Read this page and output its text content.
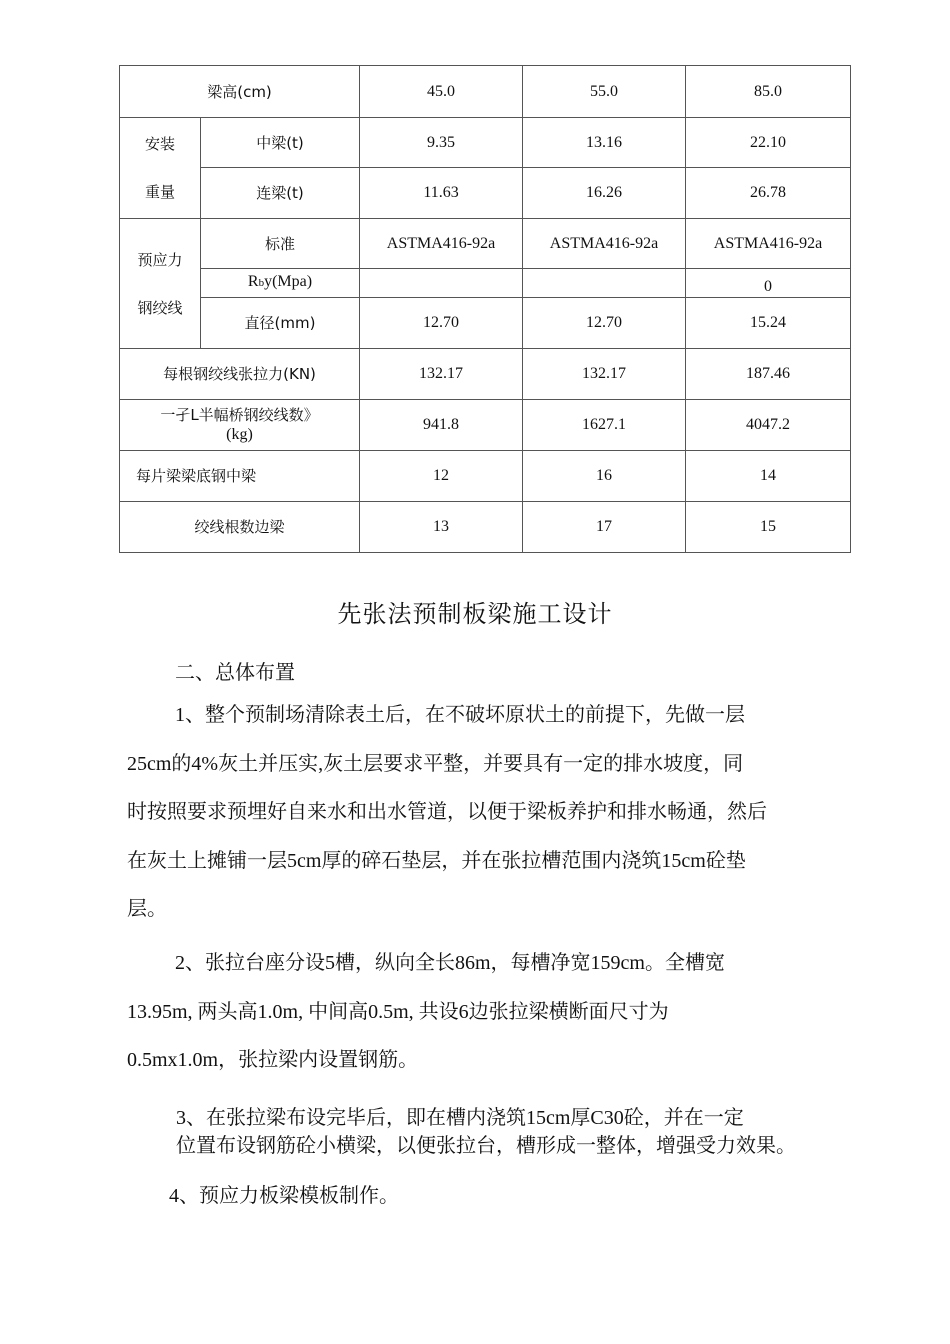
梁高(cm)		45.0	55.0	85.0

安装
重量	中梁(t)	9.35	13.16	22.10
	连梁(t)	11.63	16.26	26.78

预应力
钢绞线	标准	ASTMA416-92a	ASTMA416-92a	ASTMA416-92a
	Rby(Mpa)			0
	直径(mm)	12.70	12.70	15.24
每根钢绞线张拉力(KN)		132.17	132.17	187.46

一孑L半幅桥钢绞线数》
(kg)		941.8	1627.1	4047.2
每片梁梁底钢中梁		12	16	14
绞线根数边梁		13	17	15
先张法预制板梁施工设计
二、总体布置
1、整个预制场清除表土后，在不破坏原状土的前提下，先做一层
25cm的4%灰土并压实,灰土层要求平整，并要具有一定的排水坡度，同
时按照要求预埋好自来水和出水管道，以便于梁板养护和排水畅通，然后
在灰土上摊铺一层5cm厚的碎石垫层，并在张拉槽范围内浇筑15cm砼垫
层。
2、张拉台座分设5槽，纵向全长86m，每槽净宽159cm。全槽宽
13.95m, 两头高1.0m, 中间高0.5m, 共设6边张拉梁横断面尺寸为
0.5mx1.0m，张拉梁内设置钢筋。
3、在张拉梁布设完毕后，即在槽内浇筑15cm厚C30砼，并在一定
位置布设钢筋砼小横梁，以便张拉台，槽形成一整体，增强受力效果。
4、预应力板梁模板制作。
